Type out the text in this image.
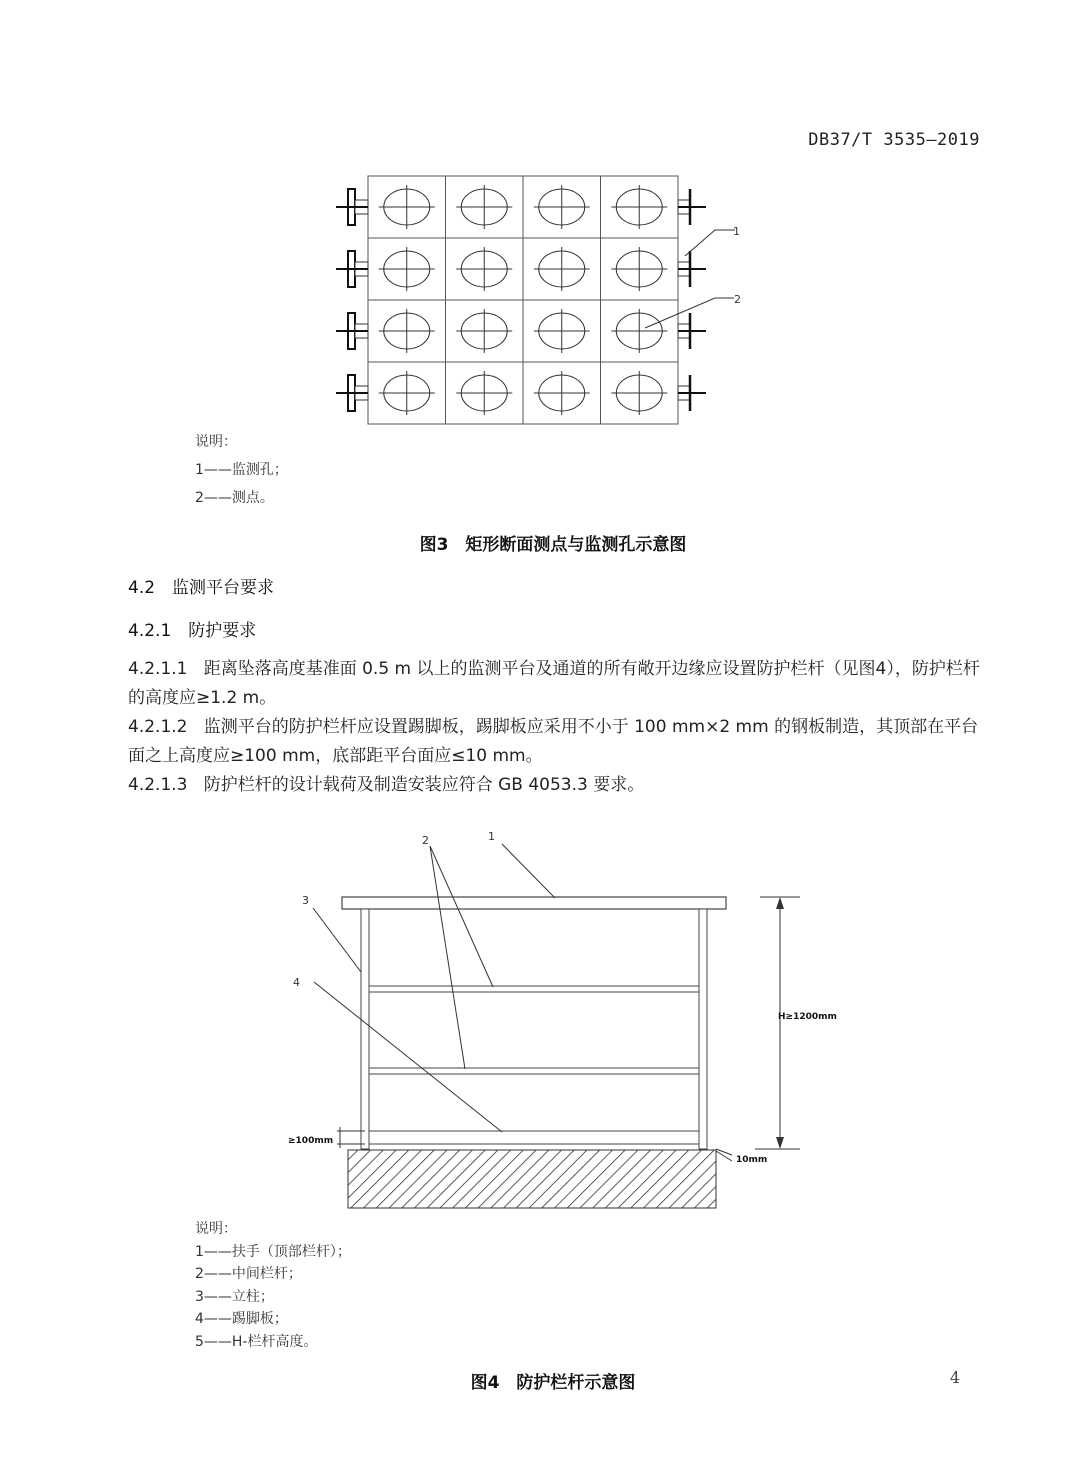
DB37/T 3535—2019
1
2
说明：
1——监测孔；
2——测点。
图3　矩形断面测点与监测孔示意图
4.2　监测平台要求
4.2.1　防护要求

4.2.1.1 距离坠落高度基准面 0.5 m 以上的监测平台及通道的所有敞开边缘应设置防护栏杆（见图4），防护栏杆的高度应≥1.2 m。

4.2.1.2 监测平台的防护栏杆应设置踢脚板，踢脚板应采用不小于 100 mm×2 mm 的钢板制造，其顶部在平台面之上高度应≥100 mm，底部距平台面应≤10 mm。

4.2.1.3 防护栏杆的设计载荷及制造安装应符合 GB 4053.3 要求。

1
2
3
4
H≥1200mm
≥100mm
10mm
说明：
1——扶手（顶部栏杆）；
2——中间栏杆；
3——立柱；
4——踢脚板；
5——H-栏杆高度。
图4　防护栏杆示意图	4
